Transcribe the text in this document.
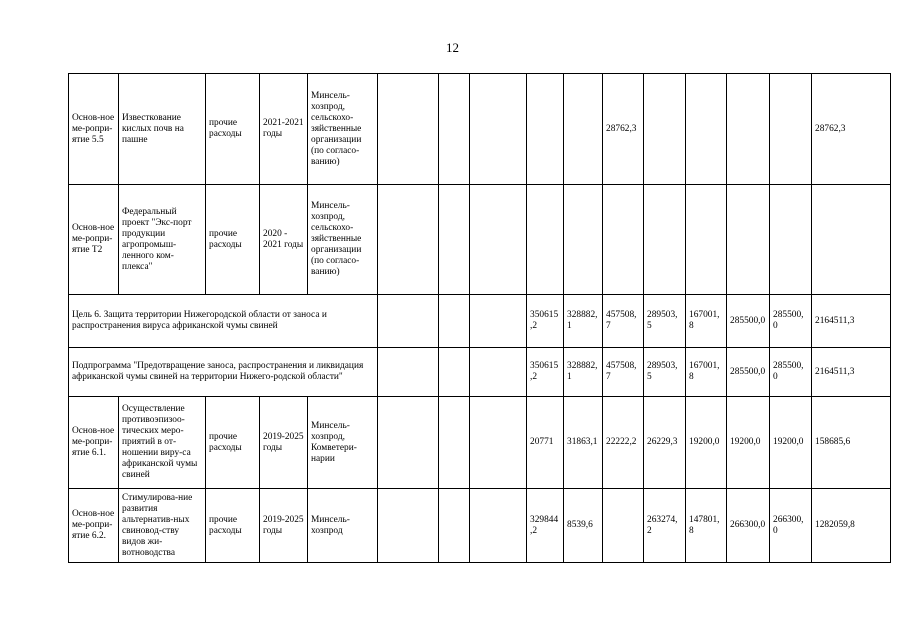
12
Основ-ное ме-ропри-ятие 5.5	Известкование кислых почв на пашне	прочие расходы	2021-2021 годы	Минсель-хозпрод, сельскохо-зяйственные организации (по согласо-ванию)						28762,3					28762,3
Основ-ное ме-ропри-ятие Т2	Федеральный проект "Экс-порт продукции агропромыш-ленного ком-плекса"	прочие расходы	2020 - 2021 годы	Минсель-хозпрод, сельскохо-зяйственные организации (по согласо-ванию)											
Цель 6. Защита территории Нижегородской области от заноса и распространения вируса африканской чумы свиней								350615,2	328882,1	457508,7	289503,5	167001,8	285500,0	285500,0	2164511,3
Подпрограмма "Предотвращение заноса, распространения и ликвидация африканской чумы свиней на территории Нижего-родской области"								350615,2	328882,1	457508,7	289503,5	167001,8	285500,0	285500,0	2164511,3
Основ-ное ме-ропри-ятие 6.1.	Осуществление противоэпизоо-тических меро-приятий в от-ношении виру-са африканской чумы свиней	прочие расходы	2019-2025 годы	Минсель-хозпрод, Комветери-нарии				20771	31863,1	22222,2	26229,3	19200,0	19200,0	19200,0	158685,6
Основ-ное ме-ропри-ятие 6.2.	Стимулирова-ние развития альтернатив-ных свиновод-ству видов жи-вотноводства	прочие расходы	2019-2025 годы	Минсель-хозпрод				329844,2	8539,6		263274,2	147801,8	266300,0	266300,0	1282059,8
